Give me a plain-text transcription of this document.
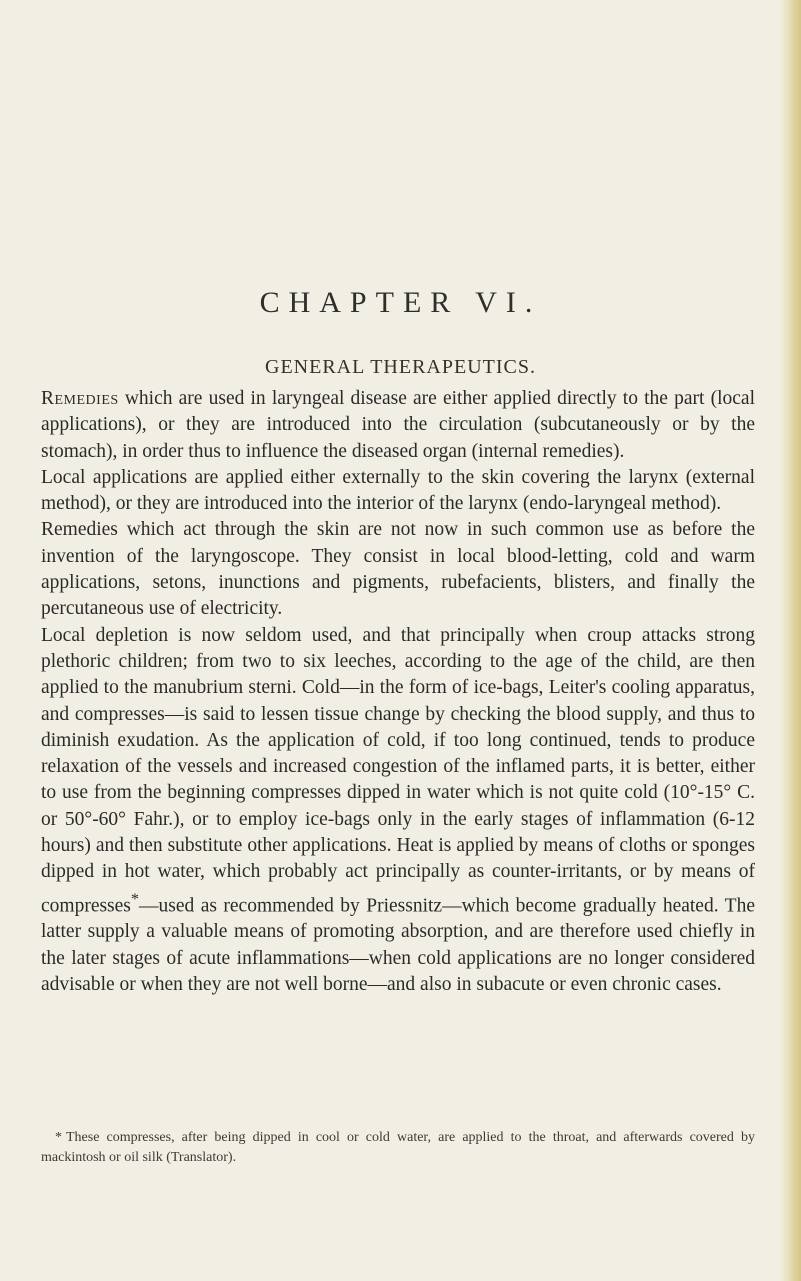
CHAPTER VI.
GENERAL THERAPEUTICS.

Remedies which are used in laryngeal disease are either applied directly to the part (local applications), or they are introduced into the circulation (subcutaneously or by the stomach), in order thus to influence the diseased organ (internal remedies).

Local applications are applied either externally to the skin covering the larynx (external method), or they are introduced into the interior of the larynx (endo-laryngeal method).

Remedies which act through the skin are not now in such common use as before the invention of the laryngoscope. They consist in local blood-letting, cold and warm applications, setons, inunctions and pigments, rubefacients, blisters, and finally the percutaneous use of electricity.

Local depletion is now seldom used, and that principally when croup attacks strong plethoric children; from two to six leeches, according to the age of the child, are then applied to the manubrium sterni. Cold—in the form of ice-bags, Leiter's cooling apparatus, and compresses—is said to lessen tissue change by checking the blood supply, and thus to diminish exudation. As the application of cold, if too long continued, tends to produce relaxation of the vessels and increased congestion of the inflamed parts, it is better, either to use from the beginning compresses dipped in water which is not quite cold (10°-15° C. or 50°-60° Fahr.), or to employ ice-bags only in the early stages of inflammation (6-12 hours) and then substitute other applications. Heat is applied by means of cloths or sponges dipped in hot water, which probably act principally as counter-irritants, or by means of compresses*—used as recommended by Priessnitz—which become gradually heated. The latter supply a valuable means of promoting absorption, and are therefore used chiefly in the later stages of acute inflammations—when cold applications are no longer considered advisable or when they are not well borne—and also in subacute or even chronic cases.

* These compresses, after being dipped in cool or cold water, are applied to the throat, and afterwards covered by mackintosh or oil silk (Translator).
